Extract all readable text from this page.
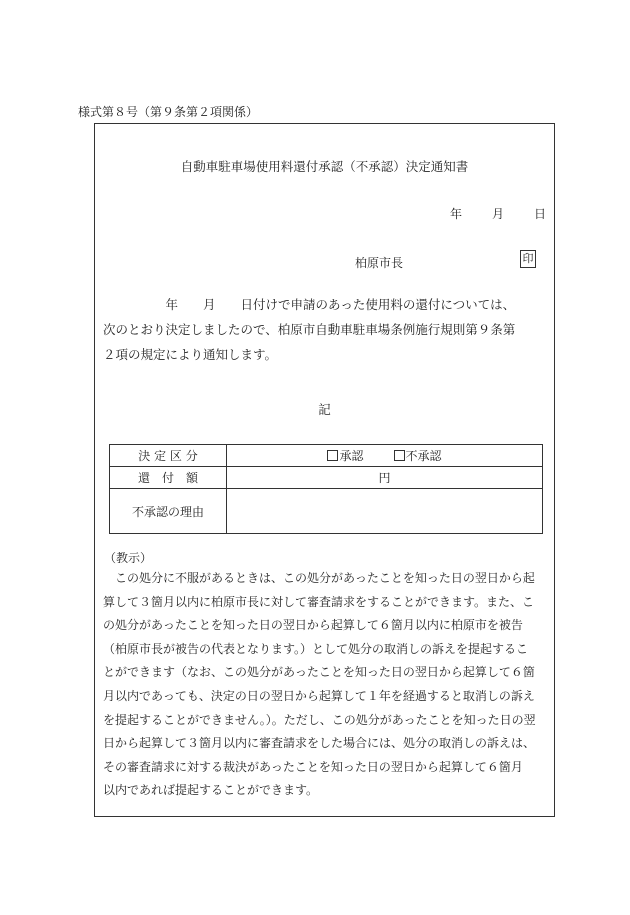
様式第８号（第９条第２項関係）
自動車駐車場使用料還付承認（不承認）決定通知書
年	月	日
柏原市長	印

　　　　　年　　月　　日付けで申請のあった使用料の還付については、

次のとおり決定しましたので、柏原市自動車駐車場条例施行規則第９条第

２項の規定により通知します。

記
決 定 区 分	承認 不承認
還　付　額	円
不承認の理由	
（教示）

　この処分に不服があるときは、この処分があったことを知った日の翌日から起

算して３箇月以内に柏原市長に対して審査請求をすることができます。また、こ

の処分があったことを知った日の翌日から起算して６箇月以内に柏原市を被告

（柏原市長が被告の代表となります。）として処分の取消しの訴えを提起するこ

とができます（なお、この処分があったことを知った日の翌日から起算して６箇

月以内であっても、決定の日の翌日から起算して１年を経過すると取消しの訴え

を提起することができません。）。ただし、この処分があったことを知った日の翌

日から起算して３箇月以内に審査請求をした場合には、処分の取消しの訴えは、

その審査請求に対する裁決があったことを知った日の翌日から起算して６箇月

以内であれば提起することができます。
